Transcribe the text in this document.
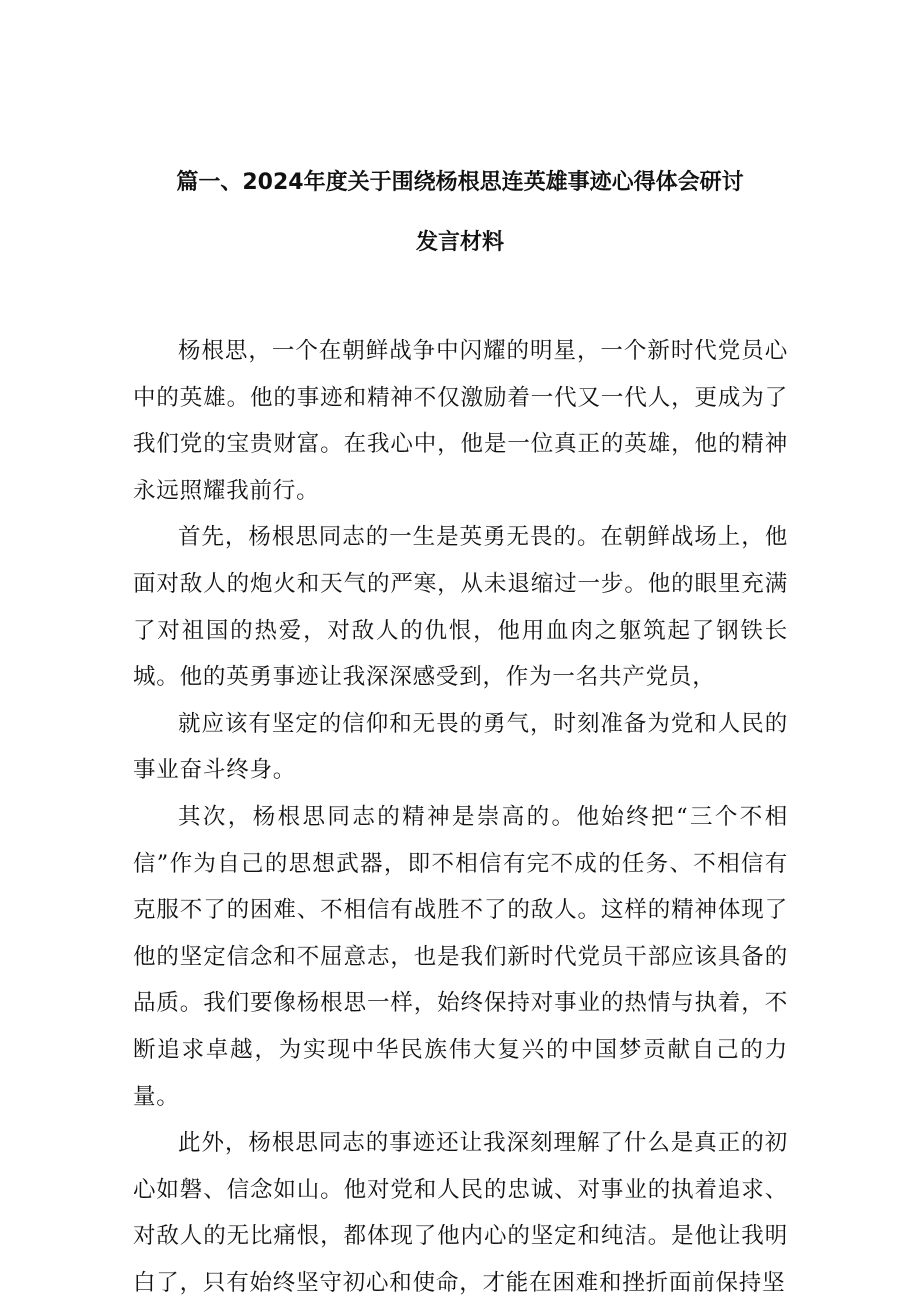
篇一、2024年度关于围绕杨根思连英雄事迹心得体会研讨
发言材料

杨根思，一个在朝鲜战争中闪耀的明星，一个新时代党员心中的英雄。他的事迹和精神不仅激励着一代又一代人，更成为了我们党的宝贵财富。在我心中，他是一位真正的英雄，他的精神永远照耀我前行。

首先，杨根思同志的一生是英勇无畏的。在朝鲜战场上，他面对敌人的炮火和天气的严寒，从未退缩过一步。他的眼里充满了对祖国的热爱，对敌人的仇恨，他用血肉之躯筑起了钢铁长城。他的英勇事迹让我深深感受到，作为一名共产党员，

就应该有坚定的信仰和无畏的勇气，时刻准备为党和人民的事业奋斗终身。

其次，杨根思同志的精神是崇高的。他始终把“三个不相信”作为自己的思想武器，即不相信有完不成的任务、不相信有克服不了的困难、不相信有战胜不了的敌人。这样的精神体现了他的坚定信念和不屈意志，也是我们新时代党员干部应该具备的品质。我们要像杨根思一样，始终保持对事业的热情与执着，不断追求卓越，为实现中华民族伟大复兴的中国梦贡献自己的力量。

此外，杨根思同志的事迹还让我深刻理解了什么是真正的初心如磐、信念如山。他对党和人民的忠诚、对事业的执着追求、对敌人的无比痛恨，都体现了他内心的坚定和纯洁。是他让我明白了，只有始终坚守初心和使命，才能在困难和挫折面前保持坚
